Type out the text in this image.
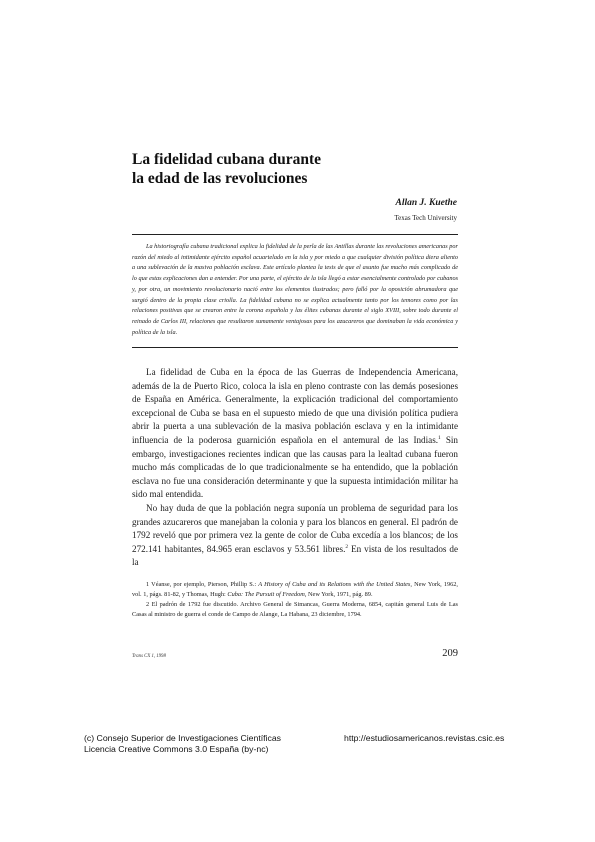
La fidelidad cubana durante
la edad de las revoluciones
Allan J. Kuethe
Texas Tech University

La historiografía cubana tradicional explica la fidelidad de la perla de las Antillas durante las revoluciones americanas por razón del miedo al intimidante ejército español acuartelado en la isla y por miedo a que cualquier división política diera aliento a una sublevación de la masiva población esclava. Este artículo plantea la tesis de que el asunto fue mucho más complicado de lo que estas explicaciones dan a entender. Por una parte, el ejército de la isla llegó a estar esencialmente controlado por cubanos y, por otra, un movimiento revolucionario nació entre los elementos ilustrados; pero falló por la oposición abrumadora que surgió dentro de la propia clase criolla. La fidelidad cubana no se explica actualmente tanto por los temores como por las relaciones positivas que se crearon entre la corona española y las élites cubanas durante el siglo XVIII, sobre todo durante el reinado de Carlos III, relaciones que resultaron sumamente ventajosas para los azucareros que dominaban la vida económica y política de la isla.

La fidelidad de Cuba en la época de las Guerras de Independencia Americana, además de la de Puerto Rico, coloca la isla en pleno contraste con las demás posesiones de España en América. Generalmente, la explicación tradicional del comportamiento excepcional de Cuba se basa en el supuesto miedo de que una división política pudiera abrir la puerta a una sublevación de la masiva población esclava y en la intimidante influencia de la poderosa guarnición española en el antemural de las Indias.$^1$ Sin embargo, investigaciones recientes indican que las causas para la lealtad cubana fueron mucho más complicadas de lo que tradicionalmente se ha entendido, que la población esclava no fue una consideración determinante y que la supuesta intimidación militar ha sido mal entendida.

No hay duda de que la población negra suponía un problema de seguridad para los grandes azucareros que manejaban la colonia y para los blancos en general. El padrón de 1792 reveló que por primera vez la gente de color de Cuba excedía a los blancos; de los 272.141 habitantes, 84.965 eran esclavos y 53.561 libres.$^2$ En vista de los resultados de la

1 Véanse, por ejemplo, Pierson, Phillip S.: A History of Cuba and its Relations with the United States, New York, 1962, vol. 1, págs. 81-82, y Thomas, Hugh: Cuba: The Pursuit of Freedom, New York, 1971, pág. 89.

2 El padrón de 1792 fue discutido. Archivo General de Simancas, Guerra Moderna, 6854, capitán general Luis de Las Casas al ministro de guerra el conde de Campo de Alange, La Habana, 23 diciembre, 1794.

Trans CX 1, 1998	209
(c) Consejo Superior de Investigaciones Científicas
Licencia Creative Commons 3.0 España (by-nc)
http://estudiosamericanos.revistas.csic.es
